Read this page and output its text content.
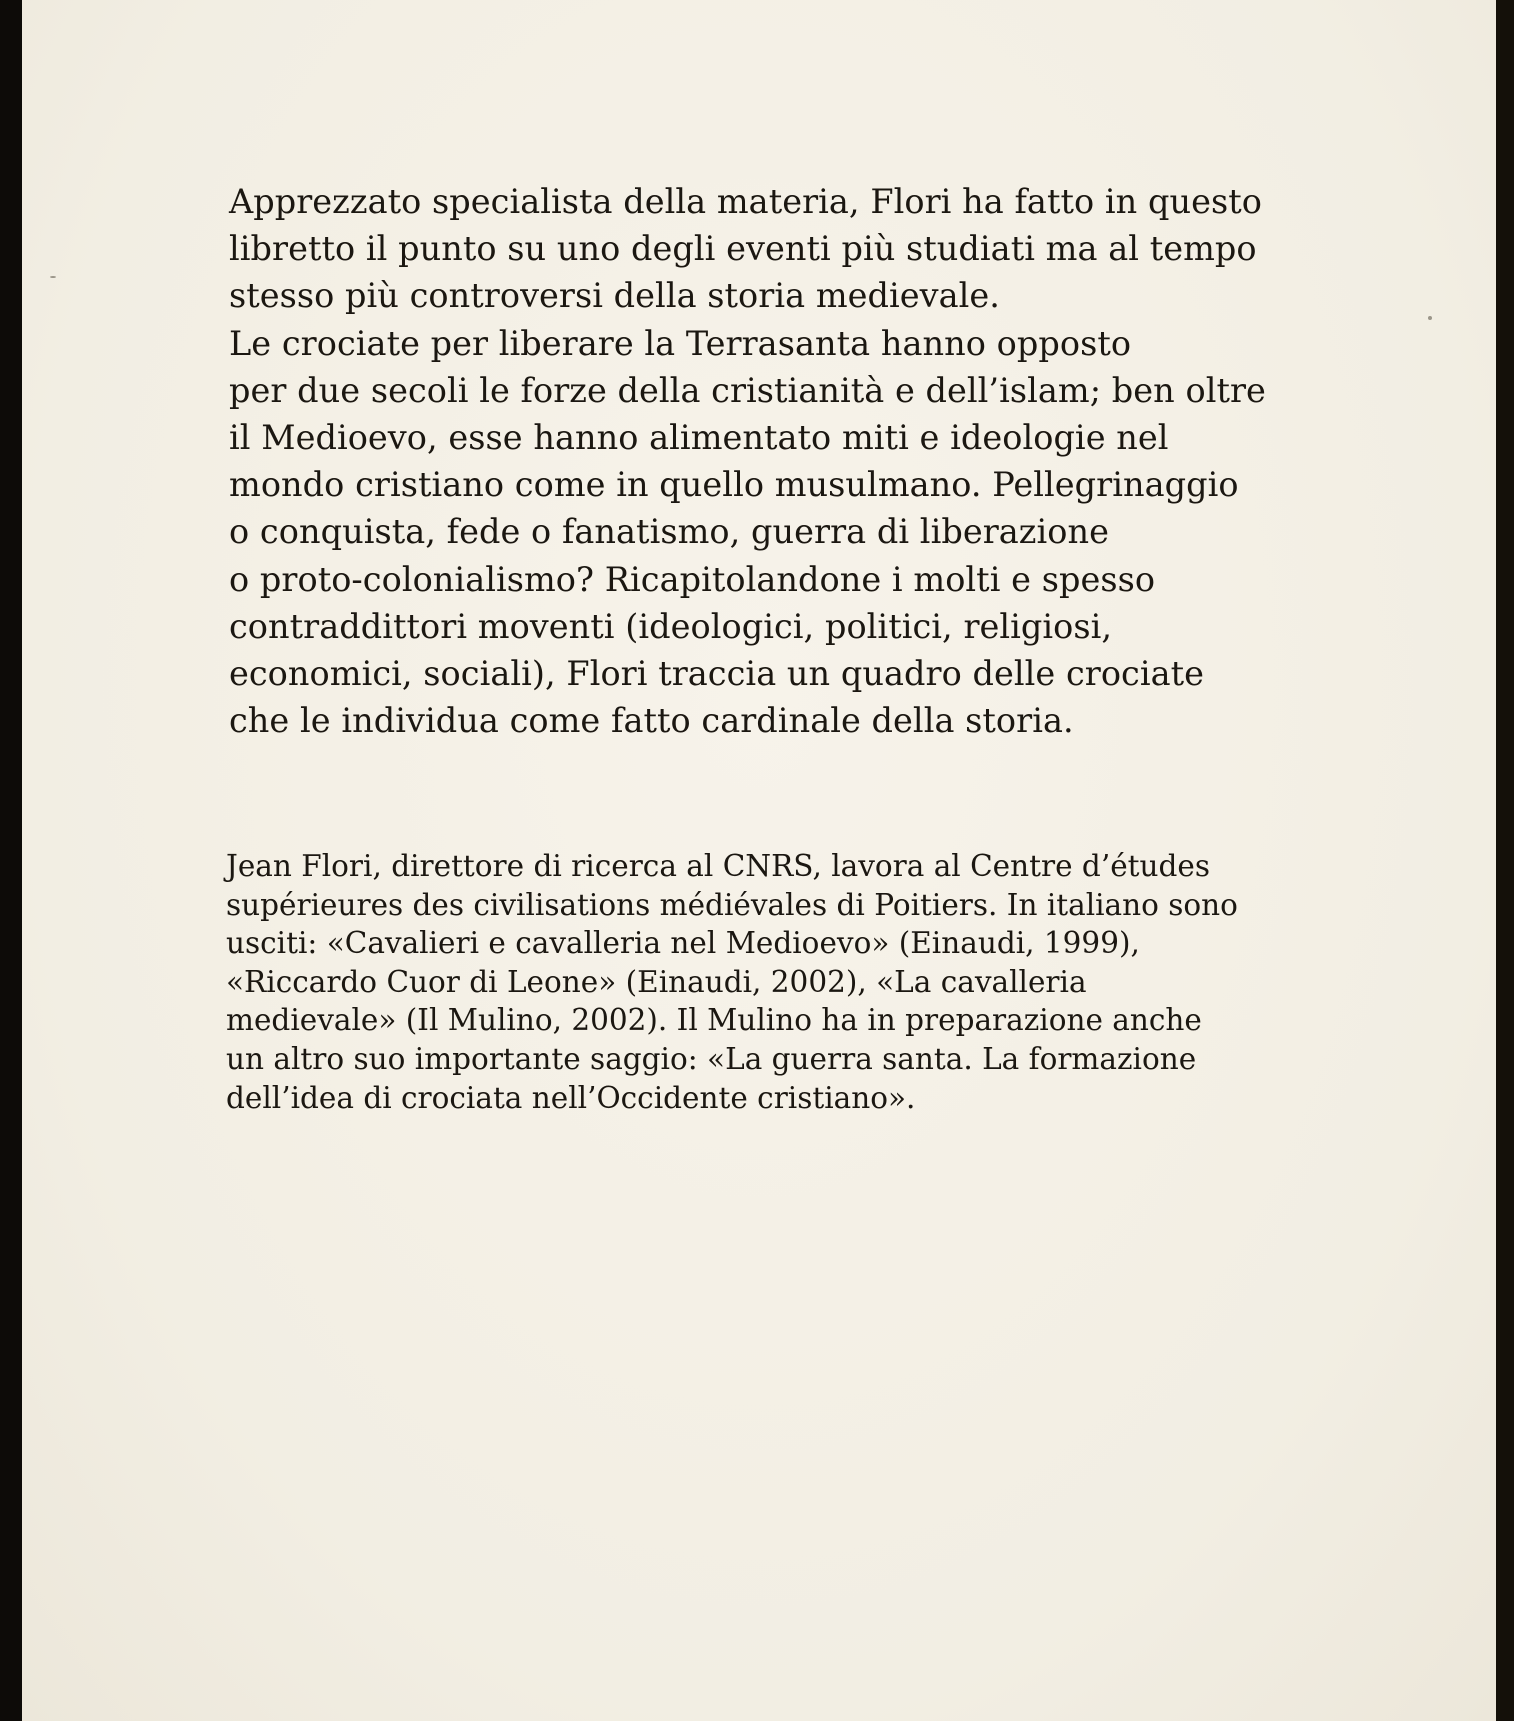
Apprezzato specialista della materia, Flori ha fatto in questo
libretto il punto su uno degli eventi più studiati ma al tempo
stesso più controversi della storia medievale.
Le crociate per liberare la Terrasanta hanno opposto
per due secoli le forze della cristianità e dell’islam; ben oltre
il Medioevo, esse hanno alimentato miti e ideologie nel
mondo cristiano come in quello musulmano. Pellegrinaggio
o conquista, fede o fanatismo, guerra di liberazione
o proto-colonialismo? Ricapitolandone i molti e spesso
contraddittori moventi (ideologici, politici, religiosi,
economici, sociali), Flori traccia un quadro delle crociate
che le individua come fatto cardinale della storia.

Jean Flori, direttore di ricerca al CNRS, lavora al Centre d’études
supérieures des civilisations médiévales di Poitiers. In italiano sono
usciti: «Cavalieri e cavalleria nel Medioevo» (Einaudi, 1999),
«Riccardo Cuor di Leone» (Einaudi, 2002), «La cavalleria
medievale» (Il Mulino, 2002). Il Mulino ha in preparazione anche
un altro suo importante saggio: «La guerra santa. La formazione
dell’idea di crociata nell’Occidente cristiano».
